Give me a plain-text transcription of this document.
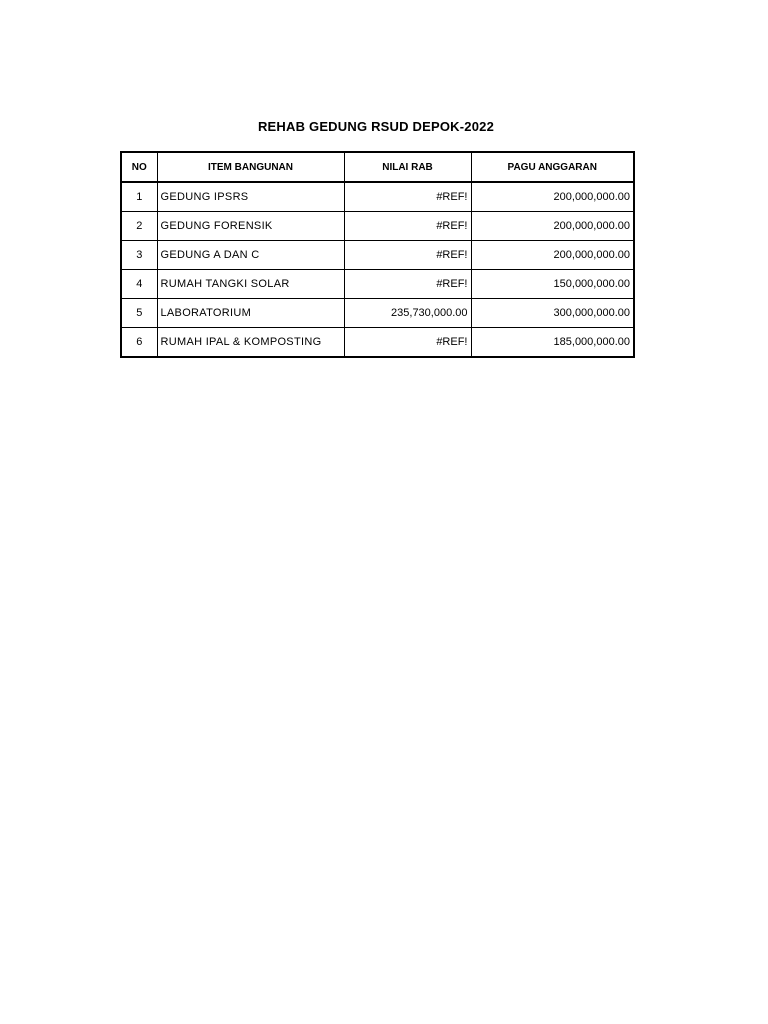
REHAB GEDUNG RSUD DEPOK-2022
NO	ITEM BANGUNAN	NILAI RAB	PAGU ANGGARAN
1	GEDUNG IPSRS	#REF!	200,000,000.00
2	GEDUNG FORENSIK	#REF!	200,000,000.00
3	GEDUNG A DAN C	#REF!	200,000,000.00
4	RUMAH TANGKI SOLAR	#REF!	150,000,000.00
5	LABORATORIUM	235,730,000.00	300,000,000.00
6	RUMAH IPAL & KOMPOSTING	#REF!	185,000,000.00
